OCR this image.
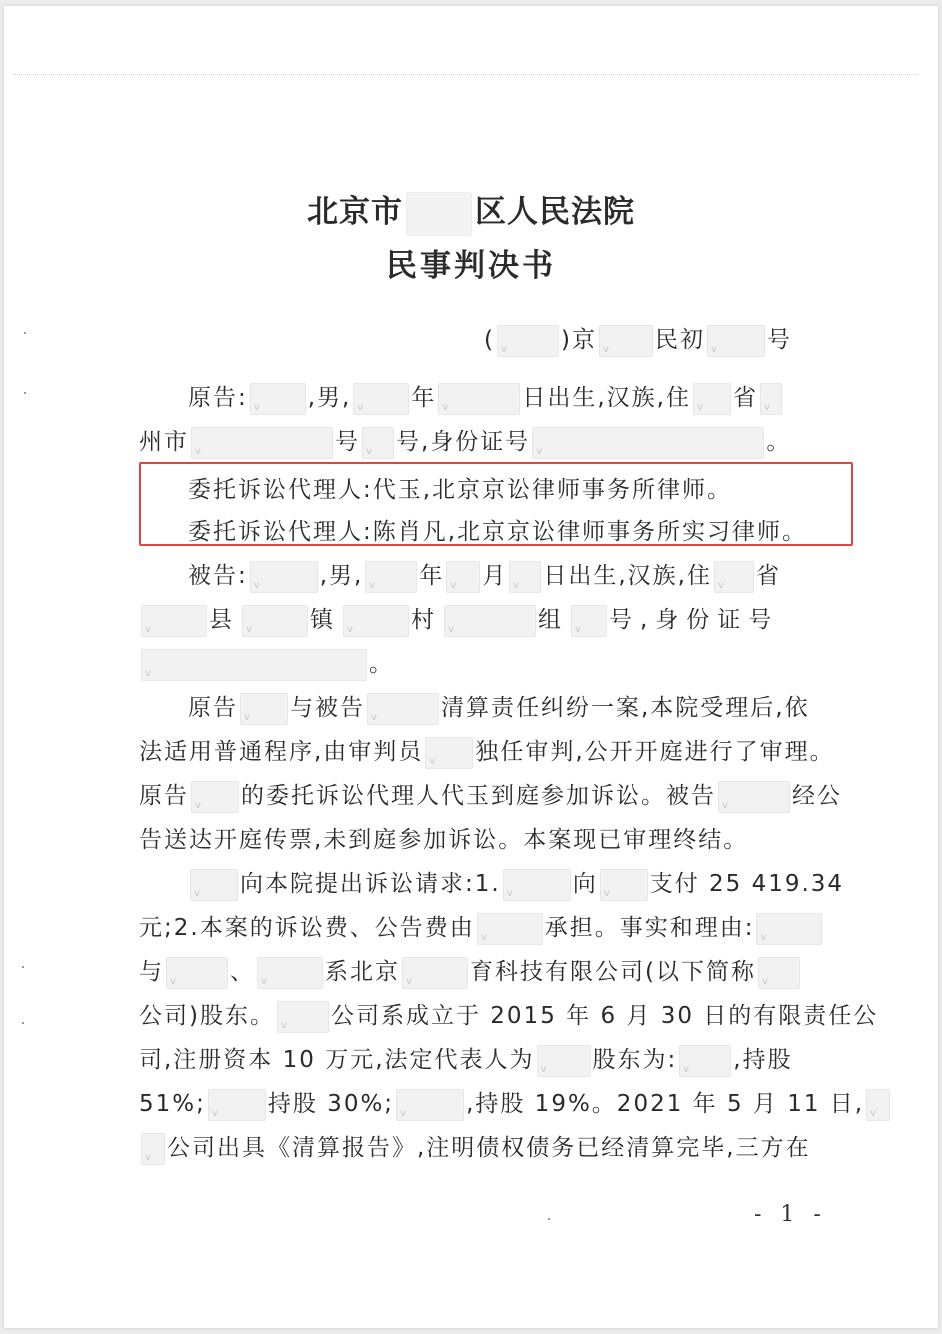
北京市 区人民法院
民事判决书
( v	)京 v	民初 v	号
原告: v	,男, v	年 v	日出生,汉族,住 v 省v
州市 v	号 v 号,身份证号 v	。
委托诉讼代理人:代玉,北京京讼律师事务所律师。
委托诉讼代理人:陈肖凡,北京京讼律师事务所实习律师。
被告: v	,男, v 年 v 月 v 日出生,汉族,住 v 省
v县 v	镇 v	村 v	组 v 号,身份证号
v。
原告 v 与被告 v	清算责任纠纷一案,本院受理后,依
法适用普通程序,由审判员 v 独任审判,公开开庭进行了审理。
原告 v 的委托诉讼代理人代玉到庭参加诉讼。被告 v	经公
告送达开庭传票,未到庭参加诉讼。本案现已审理终结。
v向本院提出诉讼请求:1. v	向 v 支付 25 419.34
元;2.本案的诉讼费、公告费由 v	承担。事实和理由:v
与 v	、 v	系北京 v	育科技有限公司(以下简称v
公司)股东。 v 公司系成立于 2015 年 6 月 30 日的有限责任公
司,注册资本 10 万元,法定代表人为 v	股东为: v ,持股
51%; v	持股 30%; v	,持股 19%。2021 年 5 月 11 日,v
v公司出具《清算报告》,注明债权债务已经清算完毕,三方在
- 1 -
